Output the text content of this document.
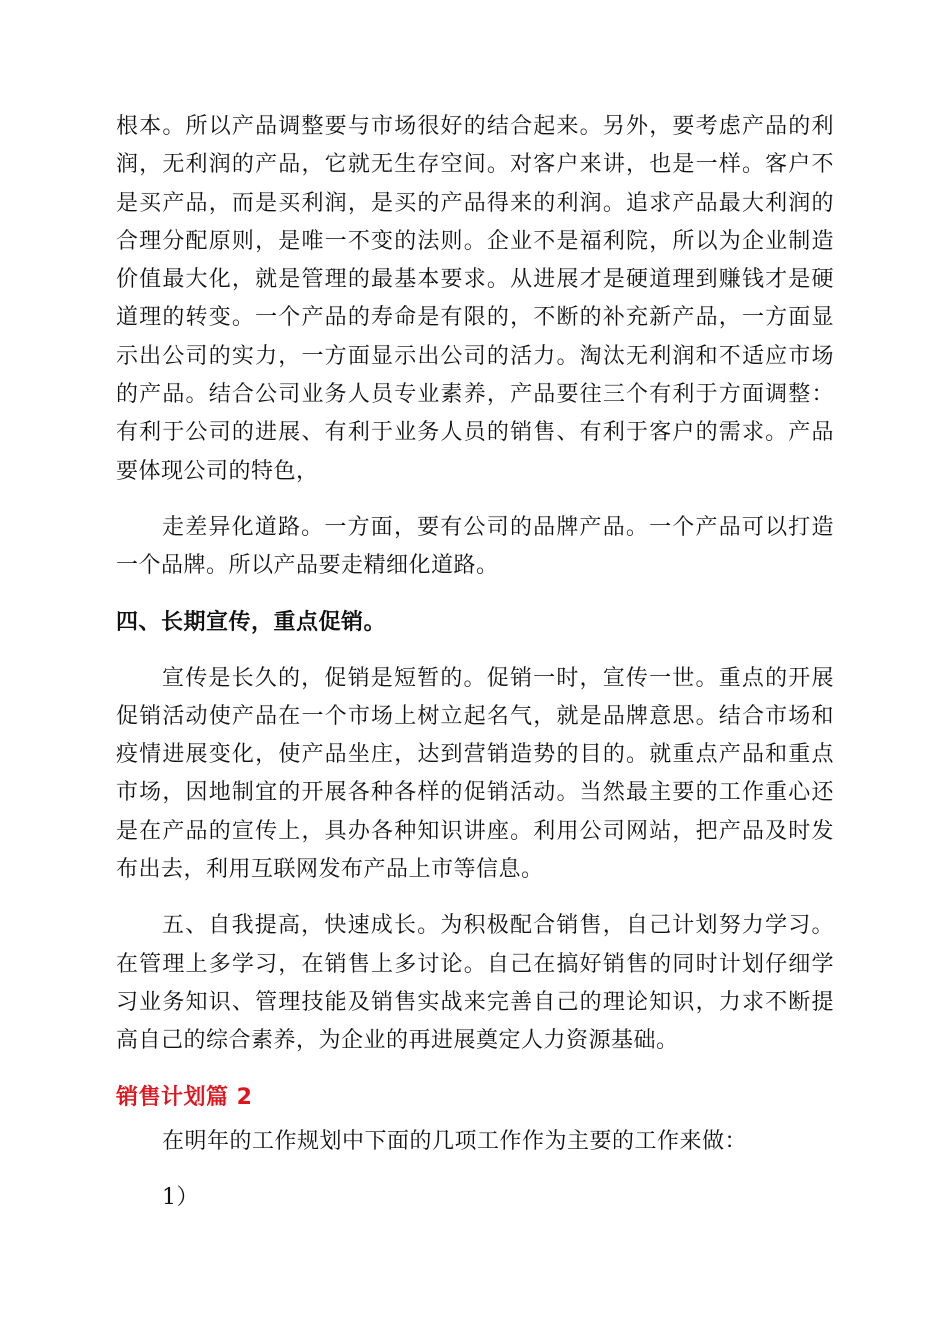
根本。所以产品调整要与市场很好的结合起来。另外，要考虑产品的利润，无利润的产品，它就无生存空间。对客户来讲，也是一样。客户不是买产品，而是买利润，是买的产品得来的利润。追求产品最大利润的合理分配原则，是唯一不变的法则。企业不是福利院，所以为企业制造价值最大化，就是管理的最基本要求。从进展才是硬道理到赚钱才是硬道理的转变。一个产品的寿命是有限的，不断的补充新产品，一方面显示出公司的实力，一方面显示出公司的活力。淘汰无利润和不适应市场的产品。结合公司业务人员专业素养，产品要往三个有利于方面调整：有利于公司的进展、有利于业务人员的销售、有利于客户的需求。产品要体现公司的特色，

走差异化道路。一方面，要有公司的品牌产品。一个产品可以打造一个品牌。所以产品要走精细化道路。

四、长期宣传，重点促销。

宣传是长久的，促销是短暂的。促销一时，宣传一世。重点的开展促销活动使产品在一个市场上树立起名气，就是品牌意思。结合市场和疫情进展变化，使产品坐庄，达到营销造势的目的。就重点产品和重点市场，因地制宜的开展各种各样的促销活动。当然最主要的工作重心还是在产品的宣传上，具办各种知识讲座。利用公司网站，把产品及时发布出去，利用互联网发布产品上市等信息。

五、自我提高，快速成长。为积极配合销售，自己计划努力学习。在管理上多学习，在销售上多讨论。自己在搞好销售的同时计划仔细学习业务知识、管理技能及销售实战来完善自己的理论知识，力求不断提高自己的综合素养，为企业的再进展奠定人力资源基础。

销售计划篇 2

在明年的工作规划中下面的几项工作作为主要的工作来做：

1）
